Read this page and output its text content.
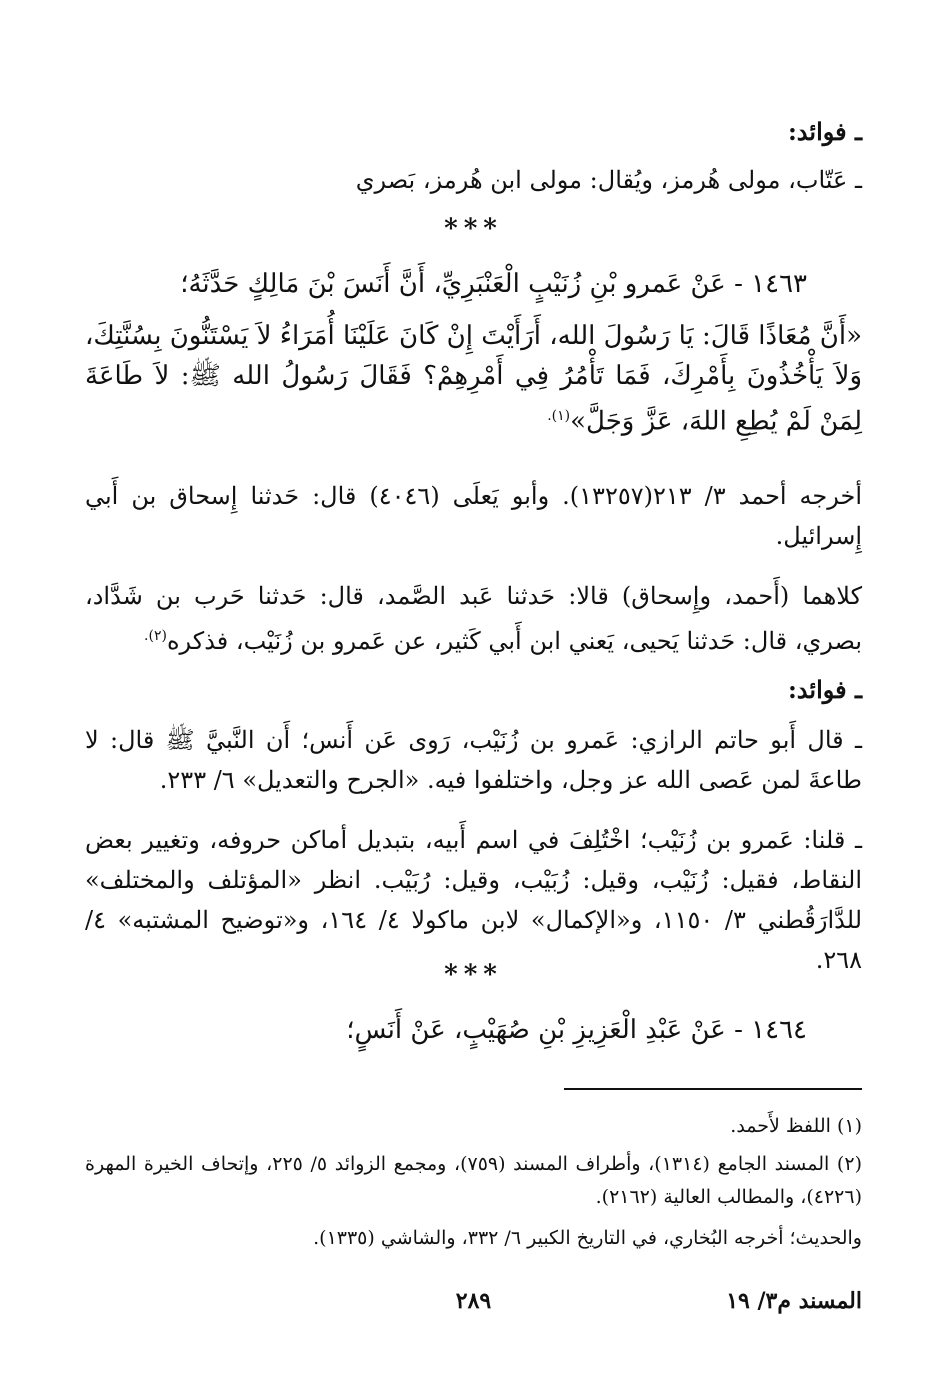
ـ فوائد:
ـ عَتّاب، مولى هُرمز، ويُقال: مولى ابن هُرمز، بَصري
***
١٤٦٣ - عَنْ عَمرو بْنِ زُنَيْبٍ الْعَنْبَرِيِّ، أَنَّ أَنَسَ بْنَ مَالِكٍ حَدَّثَهُ؛
«أَنَّ مُعَاذًا قَالَ: يَا رَسُولَ الله، أَرَأَيْتَ إِنْ كَانَ عَلَيْنَا أُمَرَاءُ لاَ يَسْتَنُّونَ بِسُنَّتِكَ، وَلاَ يَأْخُذُونَ بِأَمْرِكَ، فَمَا تَأْمُرُ فِي أَمْرِهِمْ؟ فَقَالَ رَسُولُ الله ﷺ: لاَ طَاعَةَ لِمَنْ لَمْ يُطِعِ اللهَ، عَزَّ وَجَلَّ»$^{(١).}$
أخرجه أحمد ٣/ ٢١٣(١٣٢٥٧). وأبو يَعلَى (٤٠٤٦) قال: حَدثنا إِسحاق بن أَبي إِسرائيل.
كلاهما (أَحمد، وإِسحاق) قالا: حَدثنا عَبد الصَّمد، قال: حَدثنا حَرب بن شَدَّاد، بصري، قال: حَدثنا يَحيى، يَعني ابن أَبي كَثير، عن عَمرو بن زُنَيْب، فذكره$^{(٢).}$
ـ فوائد:
ـ قال أَبو حاتم الرازي: عَمرو بن زُنَيْب، رَوى عَن أَنس؛ أَن النَّبيَّ ﷺ قال: لا طاعةَ لمن عَصى الله عز وجل، واختلفوا فيه. «الجرح والتعديل» ٦/ ٢٣٣.
ـ قلنا: عَمرو بن زُنَيْب؛ اخْتُلِفَ في اسم أَبيه، بتبديل أماكن حروفه، وتغيير بعض النقاط، فقيل: زُنَيْب، وقيل: زُبَيْب، وقيل: رُبَيْب. انظر «المؤتلف والمختلف» للدَّارَقُطني ٣/ ١١٥٠، و«الإكمال» لابن ماكولا ٤/ ١٦٤، و«توضيح المشتبه» ٤/ ٢٦٨.
***
١٤٦٤ - عَنْ عَبْدِ الْعَزِيزِ بْنِ صُهَيْبٍ، عَنْ أَنَسٍ؛
(١) اللفظ لأَحمد.
(٢) المسند الجامع (١٣١٤)، وأطراف المسند (٧٥٩)، ومجمع الزوائد ٥/ ٢٢٥، وإتحاف الخيرة المهرة (٤٢٢٦)، والمطالب العالية (٢١٦٢).
والحديث؛ أخرجه البُخاري، في التاريخ الكبير ٦/ ٣٣٢، والشاشي (١٣٣٥).
المسند م٣/ ١٩
٢٨٩
